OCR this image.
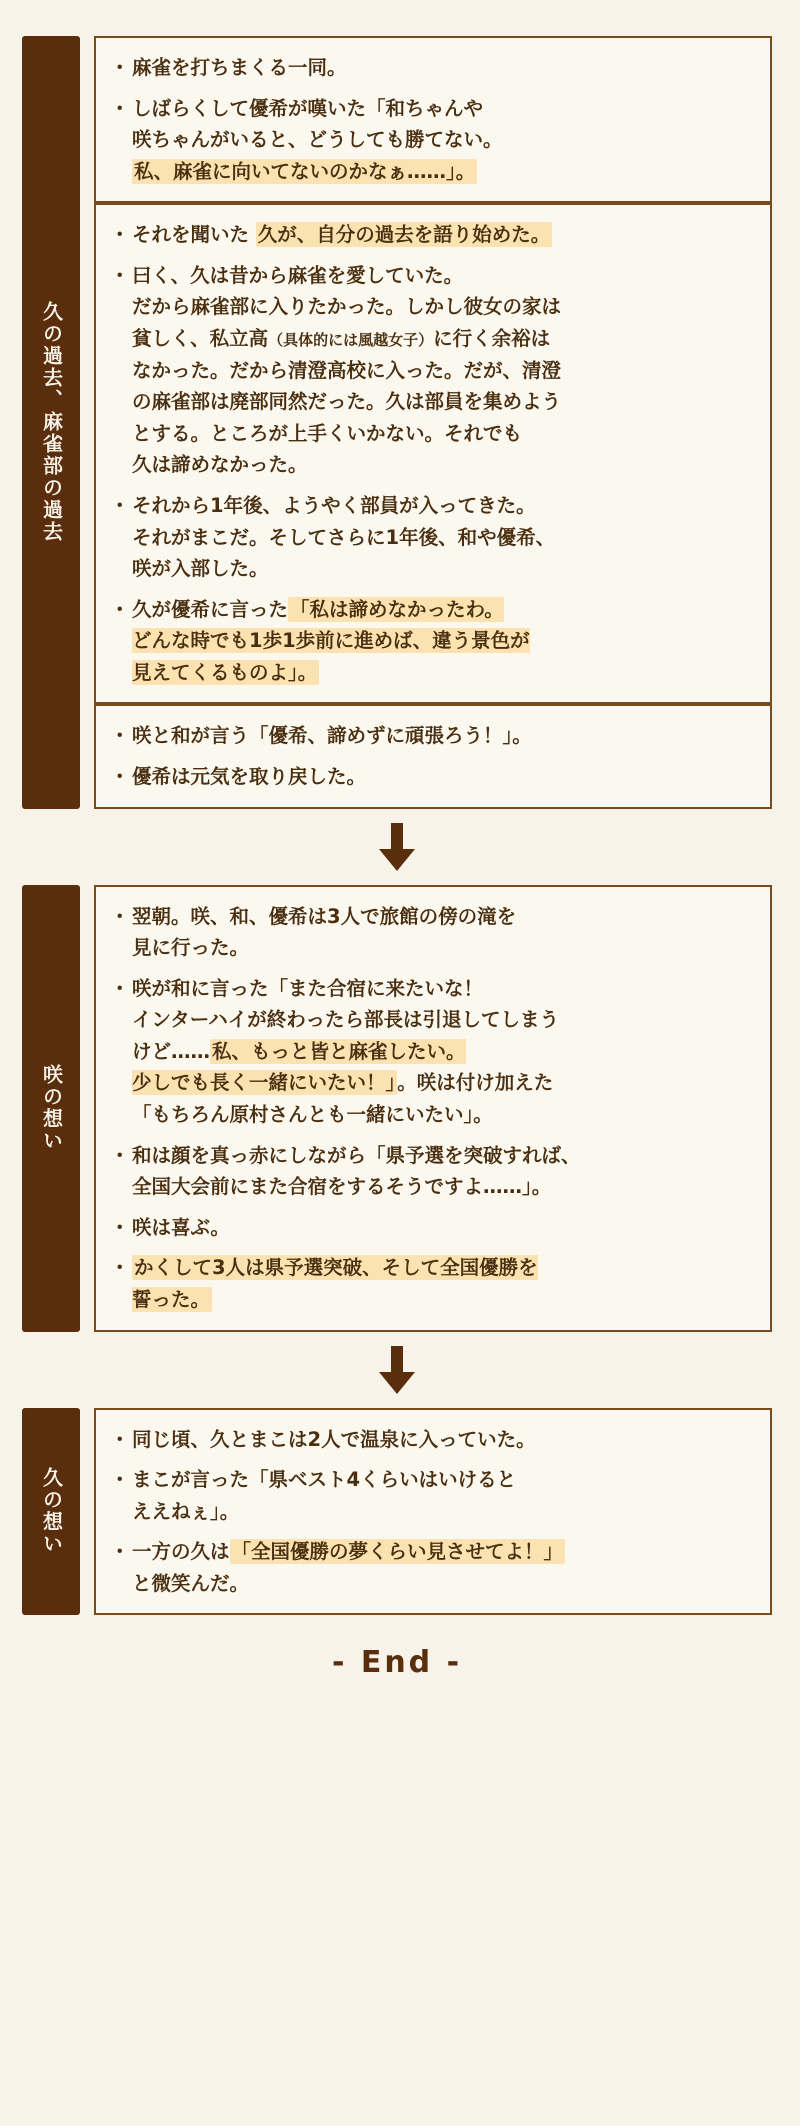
久の過去、麻雀部の過去
・ 麻雀を打ちまくる一同。
・ しばらくして優希が嘆いた「和ちゃんや
咲ちゃんがいると、どうしても勝てない。
私、麻雀に向いてないのかなぁ……」。
・ それを聞いた 久が、自分の過去を語り始めた。
・ 曰く、久は昔から麻雀を愛していた。
だから麻雀部に入りたかった。しかし彼女の家は
貧しく、私立高（具体的には風越女子）に行く余裕は
なかった。だから清澄高校に入った。だが、清澄
の麻雀部は廃部同然だった。久は部員を集めよう
とする。ところが上手くいかない。それでも
久は諦めなかった。
・ それから1年後、ようやく部員が入ってきた。
それがまこだ。そしてさらに1年後、和や優希、
咲が入部した。
・ 久が優希に言った 「私は諦めなかったわ。
どんな時でも1歩1歩前に進めば、違う景色が
見えてくるものよ」。
・ 咲と和が言う「優希、諦めずに頑張ろう！」。
・ 優希は元気を取り戻した。
咲の想い
・ 翌朝。咲、和、優希は3人で旅館の傍の滝を
見に行った。
・ 咲が和に言った「また合宿に来たいな！
インターハイが終わったら部長は引退してしまう
けど…… 私、もっと皆と麻雀したい。
少しでも長く一緒にいたい！」 。咲は付け加えた
「もちろん原村さんとも一緒にいたい」。
・ 和は顔を真っ赤にしながら「県予選を突破すれば、
全国大会前にまた合宿をするそうですよ……」。
・ 咲は喜ぶ。
・ かくして3人は県予選突破、そして全国優勝を
誓った。
久の想い
・ 同じ頃、久とまこは2人で温泉に入っていた。
・ まこが言った「県ベスト4くらいはいけると
ええねぇ」。
・ 一方の久は 「全国優勝の夢くらい見させてよ！」
と微笑んだ。
- End -
